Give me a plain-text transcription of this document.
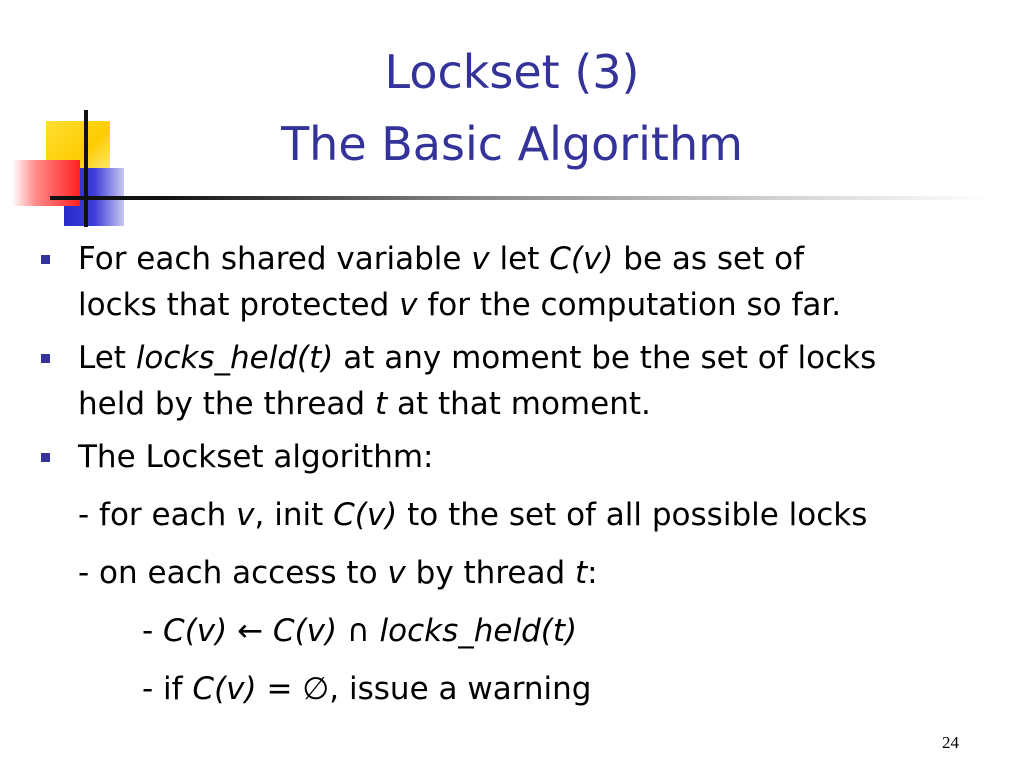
Lockset (3)
The Basic Algorithm
For each shared variable v let C(v) be as set of
locks that protected v for the computation so far.
Let locks_held(t) at any moment be the set of locks
held by the thread t at that moment.
The Lockset algorithm:
- for each v, init C(v) to the set of all possible locks
- on each access to v by thread t:
- C(v) ← C(v) ∩ locks_held(t)
- if C(v) = ∅, issue a warning
24
